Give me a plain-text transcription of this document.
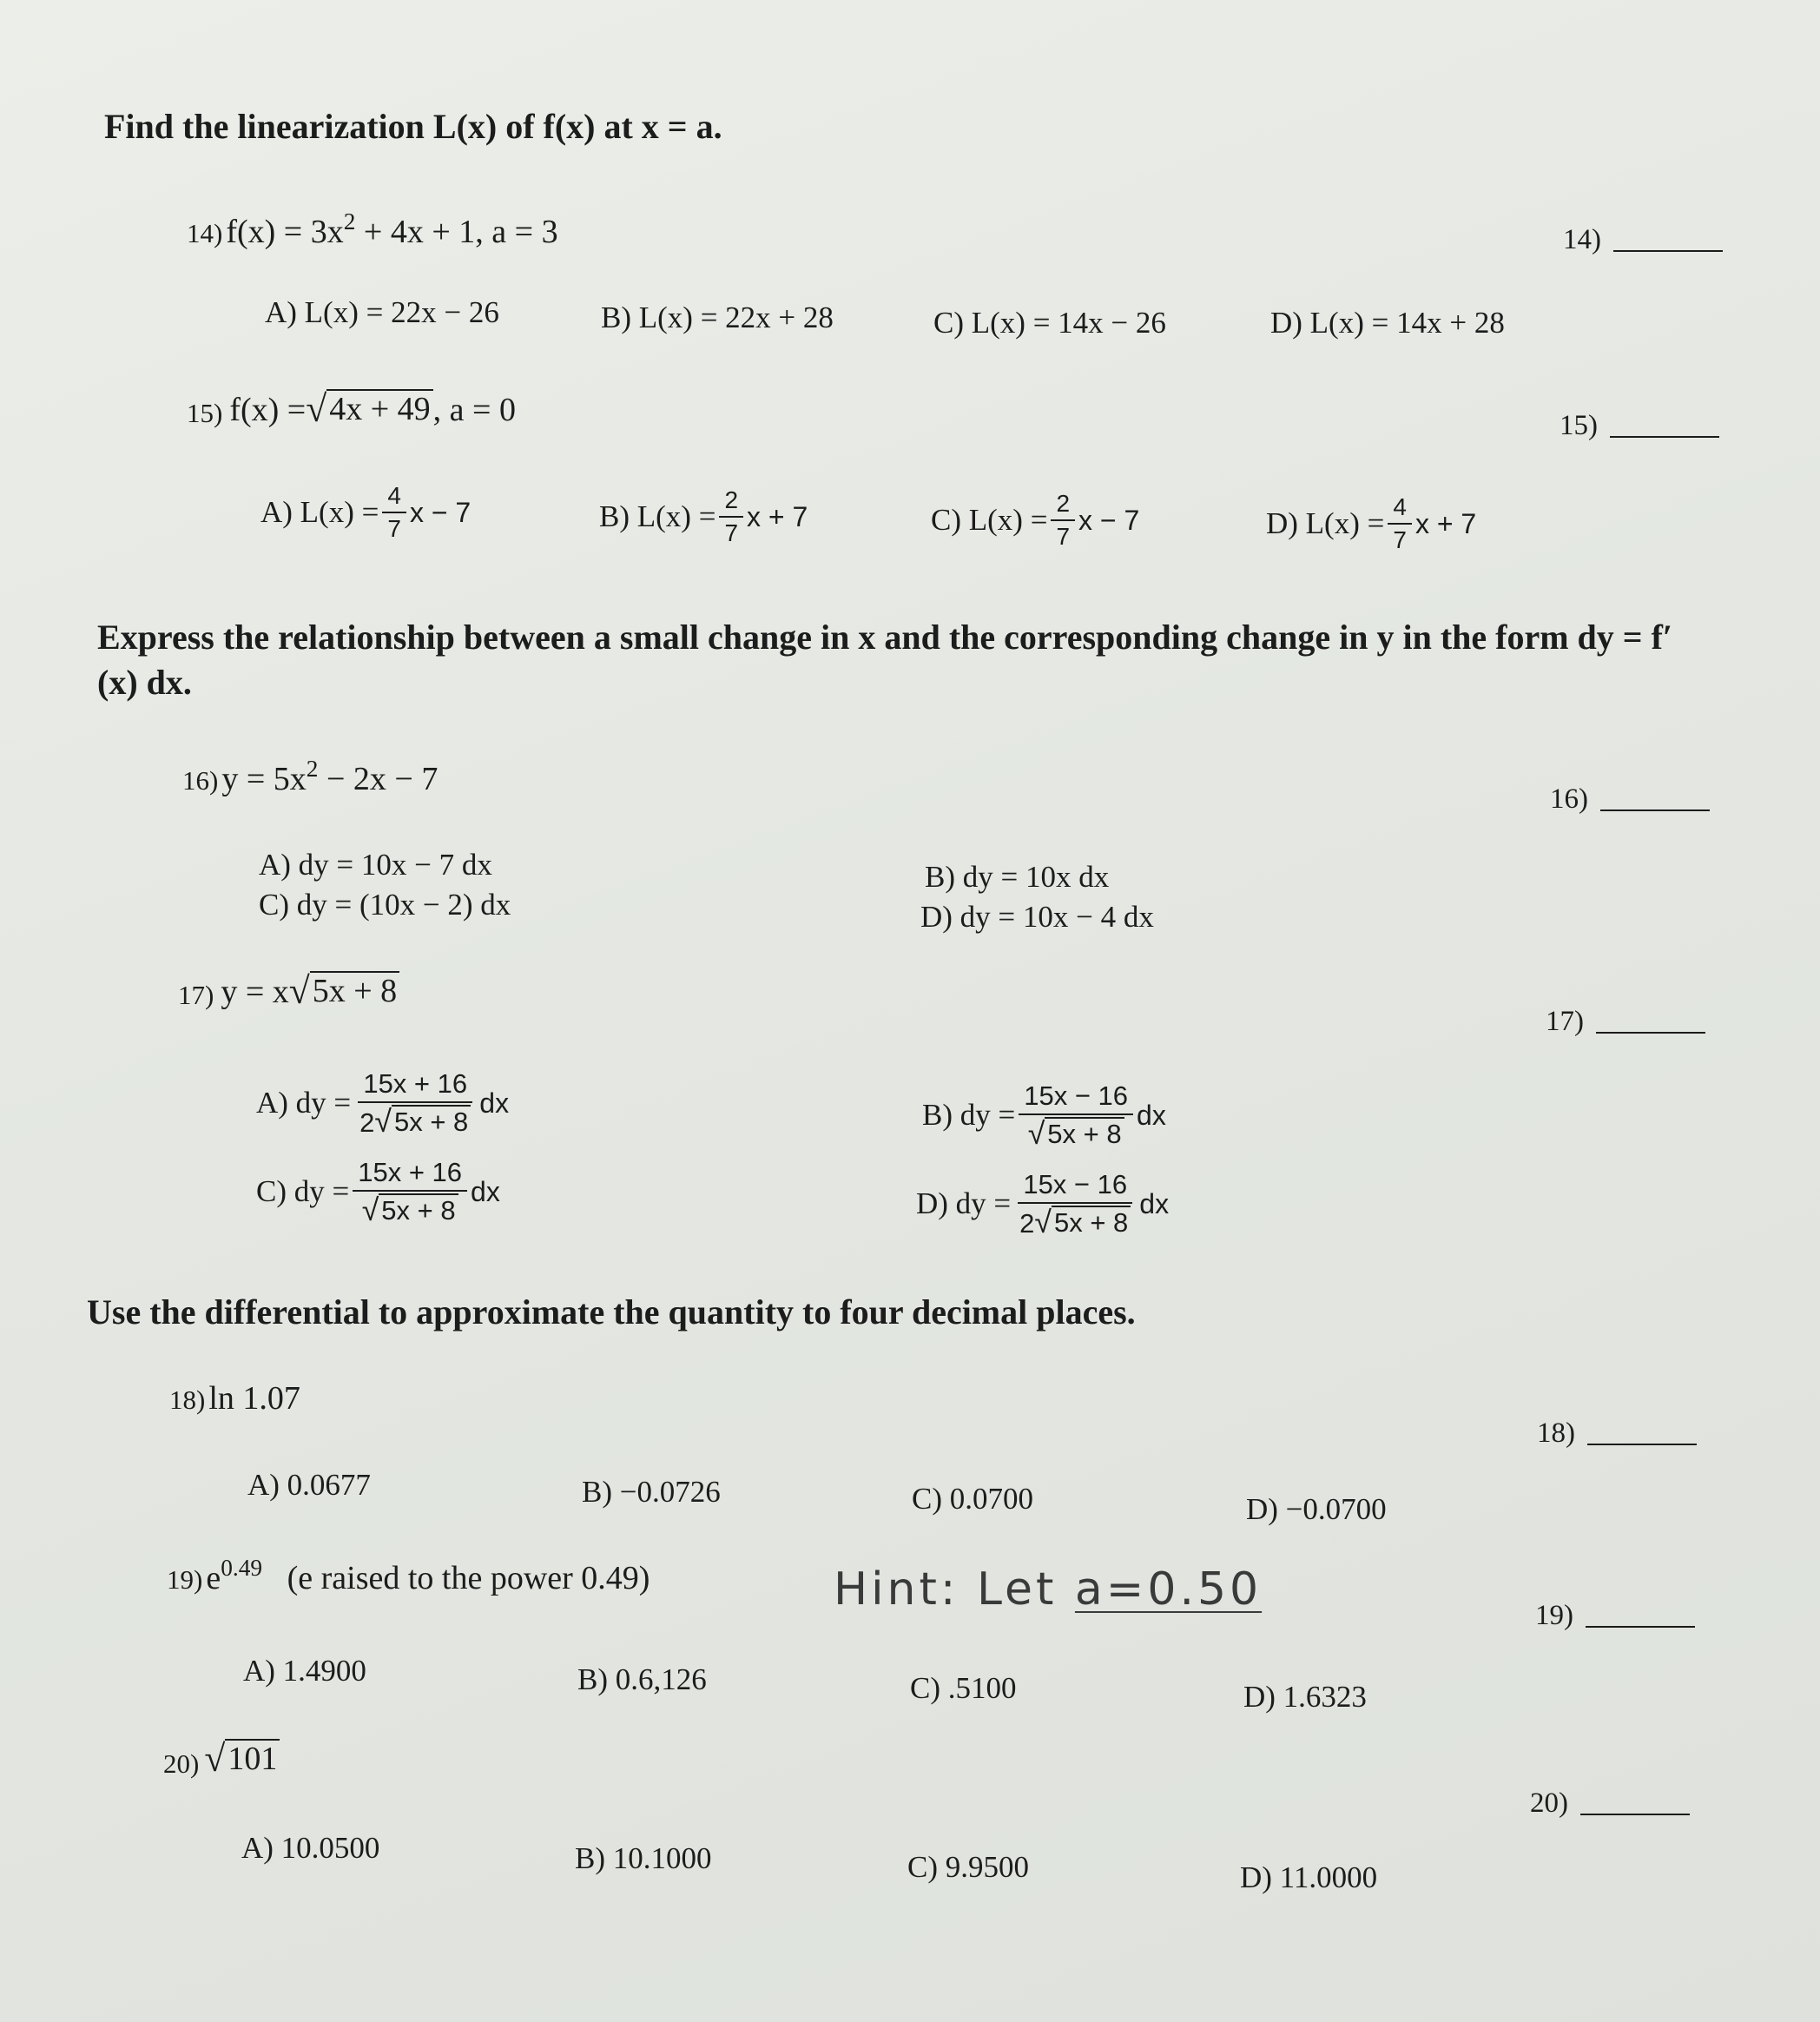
Find the linearization L(x) of f(x) at x = a.
14) $f(x) = 3x^2 + 4x + 1$, a = 3	14)
A) L(x) = 22x − 26	B) L(x) = 22x + 28	C) L(x) = 14x − 26	D) L(x) = 14x + 28
15) f(x) = √ 4x + 49 , a = 0	15)
A) $L(x) = \frac{4}{7}$ x − 7	B) $L(x) = \frac{2}{7}$ x + 7	C) $L(x) = \frac{2}{7}$ x − 7	D) $L(x) = \frac{4}{7}$ x + 7
Express the relationship between a small change in x and the corresponding change in y in the form dy = f′(x) dx.
16) $y = 5x^2 - 2x - 7$
16)
A) dy = 10x − 7 dx	B) dy = 10x dx
C) dy = (10x − 2) dx	D) dy = 10x − 4 dx
17) y = x √ 5x + 8
17)
A) dy = $\frac{15x + 16}{2 √ 5x + 8}$ dx	B) dy = $\frac{15x - 16}{√ 5x + 8}$ dx
C) dy = $\frac{15x + 16}{√ 5x + 8}$ dx	D) dy = $\frac{15x - 16}{2 √ 5x + 8}$ dx
Use the differential to approximate the quantity to four decimal places.
18) ln 1.07
18)
A) 0.0677	B) −0.0726	C) 0.0700	D) −0.0700
19) $e^{0.49}$ (e raised to the power 0.49)	Hint: Let a=0.50	19)
A) 1.4900	B) 0.6,126	C) .5100	D) 1.6323
20) √ 101
20)
A) 10.0500	B) 10.1000	C) 9.9500	D) 11.0000
